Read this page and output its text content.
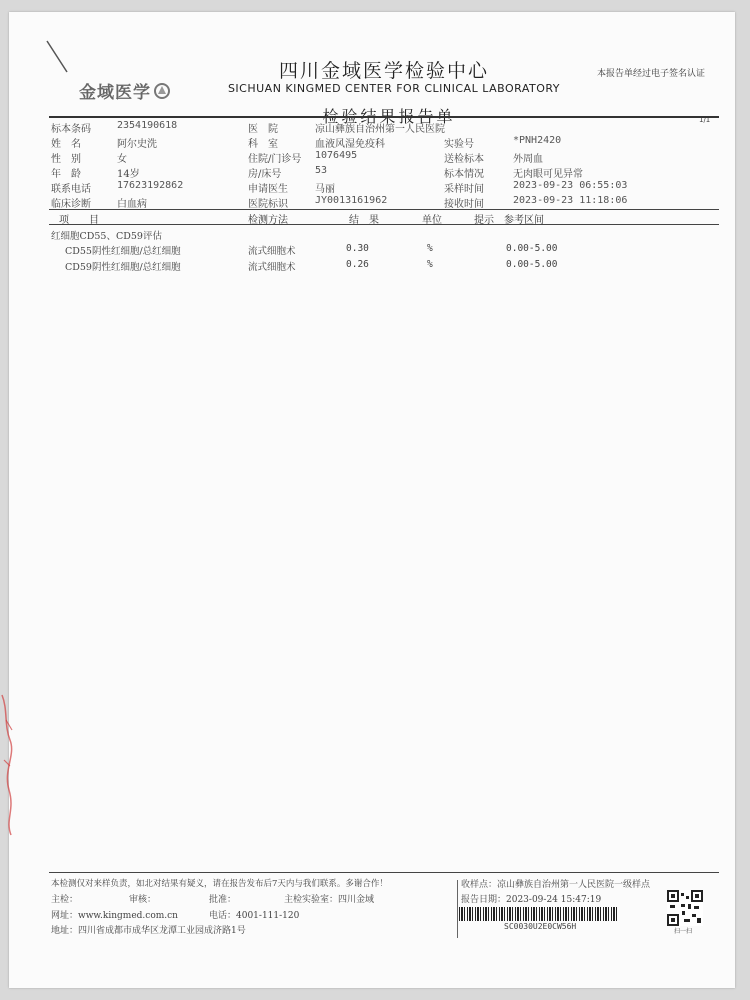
金域医学
四川金域医学检验中心
SICHUAN KINGMED CENTER FOR CLINICAL LABORATORY
检验结果报告单
本报告单经过电子签名认证
1/1
标本条码	2354190618	医　院	凉山彝族自治州第一人民医院
姓　名	阿尔史洗	科　室	血液风湿免疫科	实验号	*PNH2420
性　别	女	住院/门诊号 1076495	送检标本	外周血
年　龄	14岁	房/床号	53	标本情况	无肉眼可见异常
联系电话	17623192862	申请医生	马丽	采样时间	2023-09-23 06:55:03
临床诊断	白血病	医院标识	JY0013161962	接收时间	2023-09-23 11:18:06
项　　目	检测方法	结　果	单位	提示　参考区间
红细胞CD55、CD59评估
CD55阴性红细胞/总红细胞	流式细胞术	0.30	%	0.00-5.00
CD59阴性红细胞/总红细胞	流式细胞术	0.26	%	0.00-5.00
本检测仅对来样负责，如北对结果有疑义，请在报告发布后7天内与我们联系。多谢合作！
主检：	审核：	批准：	主检实验室：四川金域
网址：www.kingmed.com.cn	电话：4001-111-120
地址：四川省成都市成华区龙潭工业园成济路1号
收样点：凉山彝族自治州第一人民医院一级样点
报告日期：2023-09-24 15:47:19
SC0030U2E0CW56H
扫一扫
